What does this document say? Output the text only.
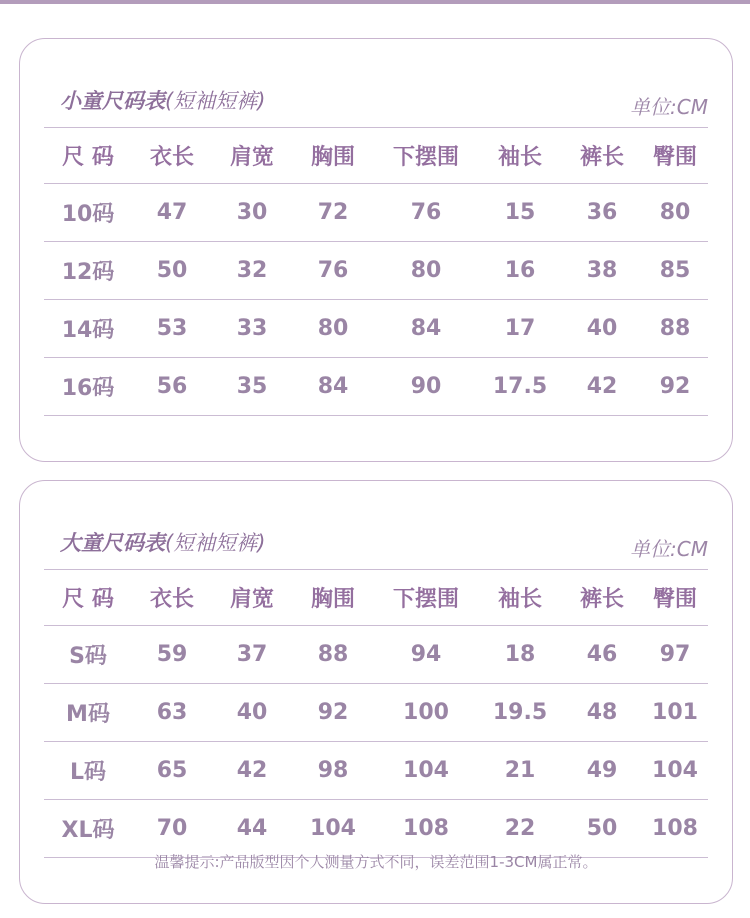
小童尺码表(短袖短裤)	单位:CM
尺 码	衣长	肩宽	胸围	下摆围	袖长	裤长	臀围
10码	47	30	72	76	15	36	80
12码	50	32	76	80	16	38	85
14码	53	33	80	84	17	40	88
16码	56	35	84	90	17.5	42	92
大童尺码表(短袖短裤)	单位:CM
尺 码	衣长	肩宽	胸围	下摆围	袖长	裤长	臀围
S码	59	37	88	94	18	46	97
M码	63	40	92	100	19.5	48	101
L码	65	42	98	104	21	49	104
XL码	70	44	104	108	22	50	108
温馨提示:产品版型因个人测量方式不同，误差范围1-3CM属正常。
